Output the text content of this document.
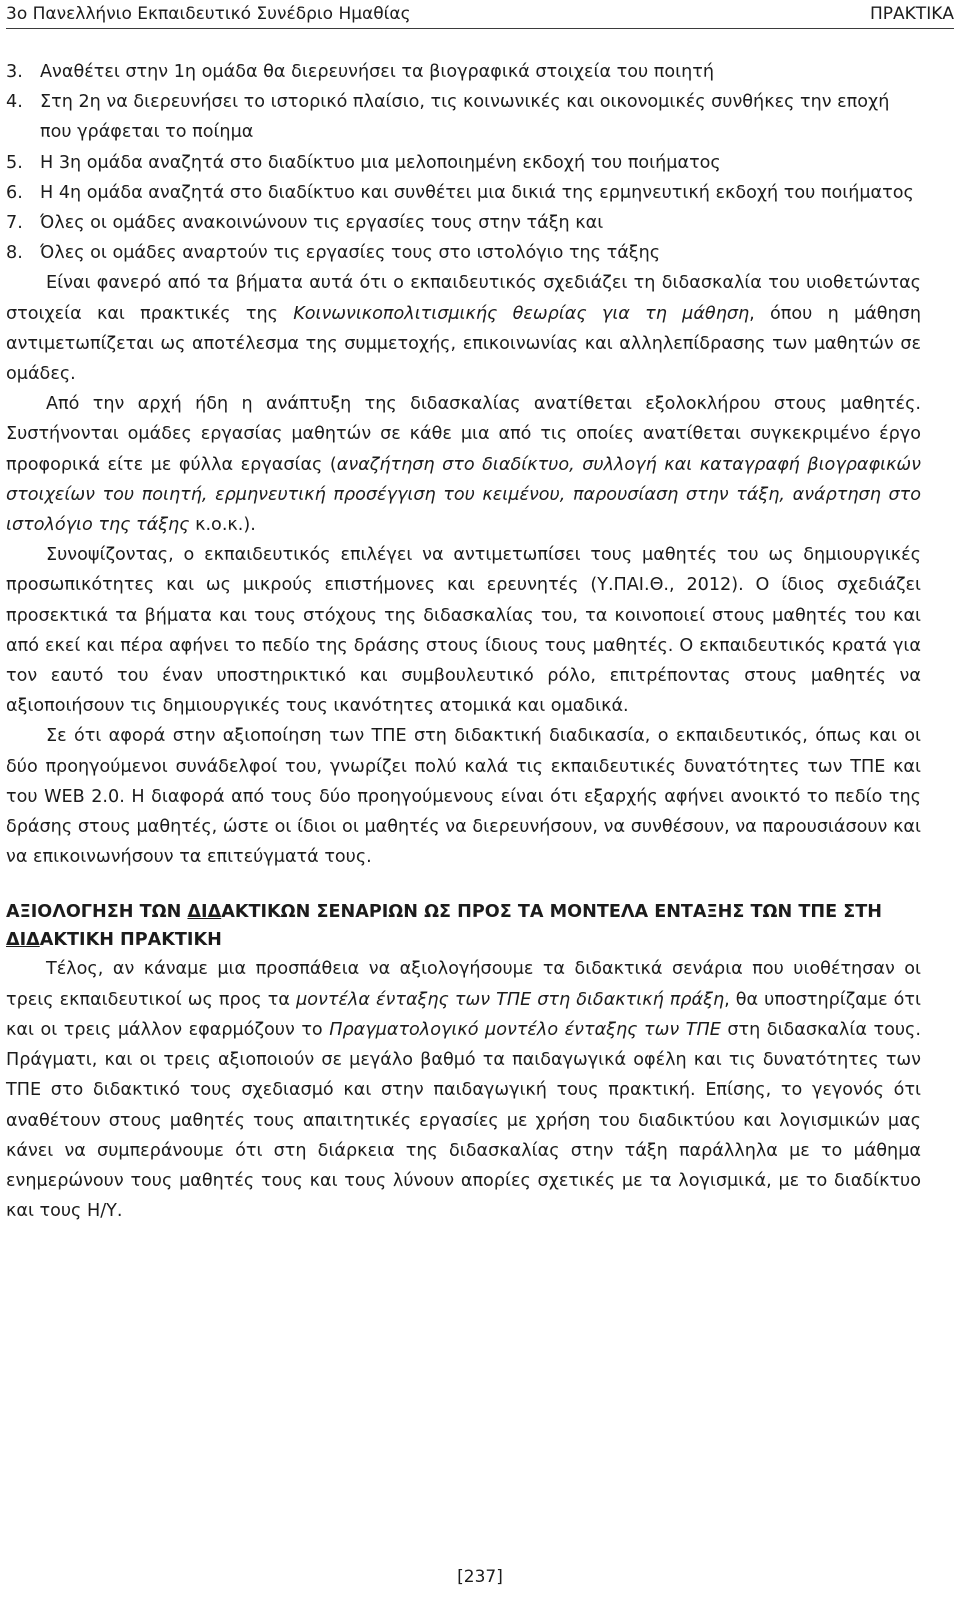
3ο Πανελλήνιο Εκπαιδευτικό Συνέδριο Ημαθίας	ΠΡΑΚΤΙΚΑ
3. Αναθέτει στην 1η ομάδα θα διερευνήσει τα βιογραφικά στοιχεία του ποιητή
4. Στη 2η να διερευνήσει το ιστορικό πλαίσιο, τις κοινωνικές και οικονομικές συνθήκες την εποχή που γράφεται το ποίημα
5. Η 3η ομάδα αναζητά στο διαδίκτυο μια μελοποιημένη εκδοχή του ποιήματος
6. Η 4η ομάδα αναζητά στο διαδίκτυο και συνθέτει μια δικιά της ερμηνευτική εκδοχή του ποιήματος
7. Όλες οι ομάδες ανακοινώνουν τις εργασίες τους στην τάξη και
8. Όλες οι ομάδες αναρτούν τις εργασίες τους στο ιστολόγιο της τάξης

Είναι φανερό από τα βήματα αυτά ότι ο εκπαιδευτικός σχεδιάζει τη διδασκαλία του υιοθετώντας στοιχεία και πρακτικές της Κοινωνικοπολιτισμικής θεωρίας για τη μάθηση, όπου η μάθηση αντιμετωπίζεται ως αποτέλεσμα της συμμετοχής, επικοινωνίας και αλληλεπίδρασης των μαθητών σε ομάδες.

Από την αρχή ήδη η ανάπτυξη της διδασκαλίας ανατίθεται εξολοκλήρου στους μαθητές. Συστήνονται ομάδες εργασίας μαθητών σε κάθε μια από τις οποίες ανατίθεται συγκεκριμένο έργο προφορικά είτε με φύλλα εργασίας (αναζήτηση στο διαδίκτυο, συλλογή και καταγραφή βιογραφικών στοιχείων του ποιητή, ερμηνευτική προσέγγιση του κειμένου, παρουσίαση στην τάξη, ανάρτηση στο ιστολόγιο της τάξης κ.ο.κ.).

Συνοψίζοντας, ο εκπαιδευτικός επιλέγει να αντιμετωπίσει τους μαθητές του ως δημιουργικές προσωπικότητες και ως μικρούς επιστήμονες και ερευνητές (Υ.ΠΑΙ.Θ., 2012). Ο ίδιος σχεδιάζει προσεκτικά τα βήματα και τους στόχους της διδασκαλίας του, τα κοινοποιεί στους μαθητές του και από εκεί και πέρα αφήνει το πεδίο της δράσης στους ίδιους τους μαθητές. Ο εκπαιδευτικός κρατά για τον εαυτό του έναν υποστηρικτικό και συμβουλευτικό ρόλο, επιτρέποντας στους μαθητές να αξιοποιήσουν τις δημιουργικές τους ικανότητες ατομικά και ομαδικά.

Σε ότι αφορά στην αξιοποίηση των ΤΠΕ στη διδακτική διαδικασία, ο εκπαιδευτικός, όπως και οι δύο προηγούμενοι συνάδελφοί του, γνωρίζει πολύ καλά τις εκπαιδευτικές δυνατότητες των ΤΠΕ και του WEB 2.0. Η διαφορά από τους δύο προηγούμενους είναι ότι εξαρχής αφήνει ανοικτό το πεδίο της δράσης στους μαθητές, ώστε οι ίδιοι οι μαθητές να διερευνήσουν, να συνθέσουν, να παρουσιάσουν και να επικοινωνήσουν τα επιτεύγματά τους.

ΑΞΙΟΛΟΓΗΣΗ ΤΩΝ ΔΙΔΑΚΤΙΚΩΝ ΣΕΝΑΡΙΩΝ ΩΣ ΠΡΟΣ ΤΑ ΜΟΝΤΕΛΑ ΕΝΤΑΞΗΣ ΤΩΝ ΤΠΕ ΣΤΗ ΔΙΔΑΚΤΙΚΗ ΠΡΑΚΤΙΚΗ

Τέλος, αν κάναμε μια προσπάθεια να αξιολογήσουμε τα διδακτικά σενάρια που υιοθέτησαν οι τρεις εκπαιδευτικοί ως προς τα μοντέλα ένταξης των ΤΠΕ στη διδακτική πράξη, θα υποστηρίζαμε ότι και οι τρεις μάλλον εφαρμόζουν το Πραγματολογικό μοντέλο ένταξης των ΤΠΕ στη διδασκαλία τους. Πράγματι, και οι τρεις αξιοποιούν σε μεγάλο βαθμό τα παιδαγωγικά οφέλη και τις δυνατότητες των ΤΠΕ στο διδακτικό τους σχεδιασμό και στην παιδαγωγική τους πρακτική. Επίσης, το γεγονός ότι αναθέτουν στους μαθητές τους απαιτητικές εργασίες με χρήση του διαδικτύου και λογισμικών μας κάνει να συμπεράνουμε ότι στη διάρκεια της διδασκαλίας στην τάξη παράλληλα με το μάθημα ενημερώνουν τους μαθητές τους και τους λύνουν απορίες σχετικές με τα λογισμικά, με το διαδίκτυο και τους Η/Υ.

[237]
